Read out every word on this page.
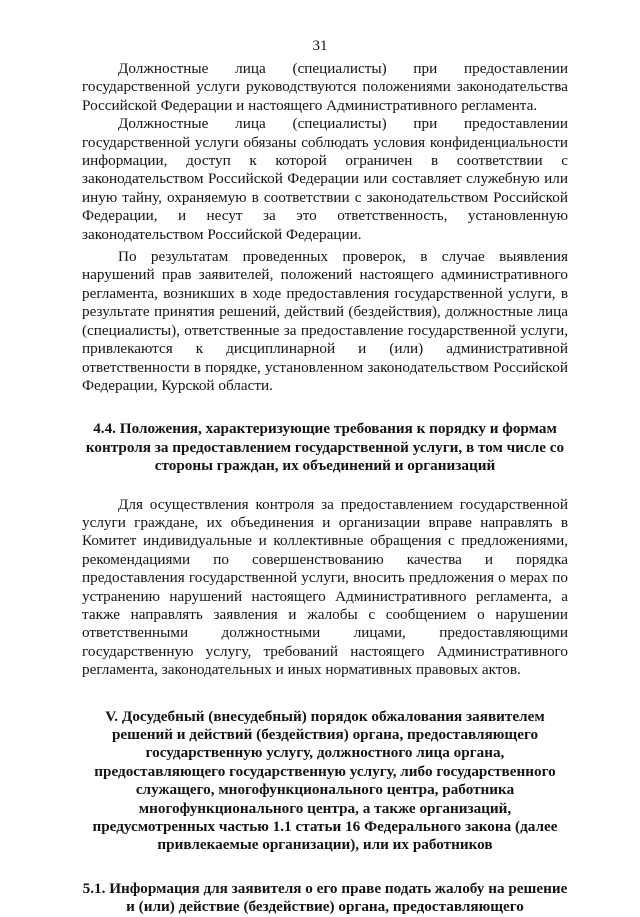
31

Должностные лица (специалисты) при предоставлении государственной услуги руководствуются положениями законодательства Российской Федерации и настоящего Административного регламента.

Должностные лица (специалисты) при предоставлении государственной услуги обязаны соблюдать условия конфиденциальности информации, доступ к которой ограничен в соответствии с законодательством Российской Федерации или составляет служебную или иную тайну, охраняемую в соответствии с законодательством Российской Федерации, и несут за это ответственность, установленную законодательством Российской Федерации.

По результатам проведенных проверок, в случае выявления нарушений прав заявителей, положений настоящего административного регламента, возникших в ходе предоставления государственной услуги, в результате принятия решений, действий (бездействия), должностные лица (специалисты), ответственные за предоставление государственной услуги, привлекаются к дисциплинарной и (или) административной ответственности в порядке, установленном законодательством Российской Федерации, Курской области.

4.4. Положения, характеризующие требования к порядку и формам контроля за предоставлением государственной услуги, в том числе со стороны граждан, их объединений и организаций

Для осуществления контроля за предоставлением государственной услуги граждане, их объединения и организации вправе направлять в Комитет индивидуальные и коллективные обращения с предложениями, рекомендациями по совершенствованию качества и порядка предоставления государственной услуги, вносить предложения о мерах по устранению нарушений настоящего Административного регламента, а также направлять заявления и жалобы с сообщением о нарушении ответственными должностными лицами, предоставляющими государственную услугу, требований настоящего Административного регламента, законодательных и иных нормативных правовых актов.

V. Досудебный (внесудебный) порядок обжалования заявителем решений и действий (бездействия) органа, предоставляющего государственную услугу, должностного лица органа, предоставляющего государственную услугу, либо государственного служащего, многофункционального центра, работника многофункционального центра, а также организаций, предусмотренных частью 1.1 статьи 16 Федерального закона (далее привлекаемые организации), или их работников

5.1. Информация для заявителя о его праве подать жалобу на решение и (или) действие (бездействие) органа, предоставляющего
